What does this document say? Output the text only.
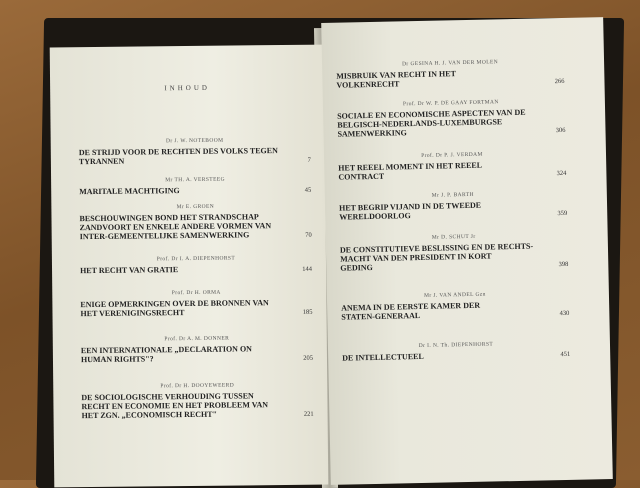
INHOUD
Dr J. W. NOTEBOOM
DE STRIJD VOOR DE RECHTEN DES VOLKS TEGEN
TYRANNEN	7
Mr TH. A. VERSTEEG
MARITALE MACHTIGING	45
Mr E. GROEN
BESCHOUWINGEN BOND HET STRANDSCHAP
ZANDVOORT EN ENKELE ANDERE VORMEN VAN
INTER-GEMEENTELIJKE SAMENWERKING	70
Prof. Dr I. A. DIEPENHORST
HET RECHT VAN GRATIE	144
Prof. Dr H. ORMA
ENIGE OPMERKINGEN OVER DE BRONNEN VAN
HET VERENIGINGSRECHT	185
Prof. Dr A. M. DONNER
EEN INTERNATIONALE „DECLARATION ON
HUMAN RIGHTS"?	205
Prof. Dr H. DOOYEWEERD
DE SOCIOLOGISCHE VERHOUDING TUSSEN
RECHT EN ECONOMIE EN HET PROBLEEM VAN
HET ZGN. „ECONOMISCH RECHT"	221
Dr GESINA H. J. VAN DER MOLEN
MISBRUIK VAN RECHT IN HET
VOLKENRECHT	266
Prof. Dr W. P. DE GAAY FORTMAN
SOCIALE EN ECONOMISCHE ASPECTEN VAN DE
BELGISCH-NEDERLANDS-LUXEMBURGSE
SAMENWERKING	306
Prof. Dr P. J. VERDAM
HET REEEL MOMENT IN HET REEEL
CONTRACT	324
Mr J. P. BARTH
HET BEGRIP VIJAND IN DE TWEEDE
WERELDOORLOG	359
Mr D. SCHUT Jr
DE CONSTITUTIEVE BESLISSING EN DE RECHTS-
MACHT VAN DEN PRESIDENT IN KORT
GEDING	398
Mr J. VAN ANDEL Gzn
ANEMA IN DE EERSTE KAMER DER
STATEN-GENERAAL	430
Dr I. N. Th. DIEPENHORST
DE INTELLECTUEEL	451
